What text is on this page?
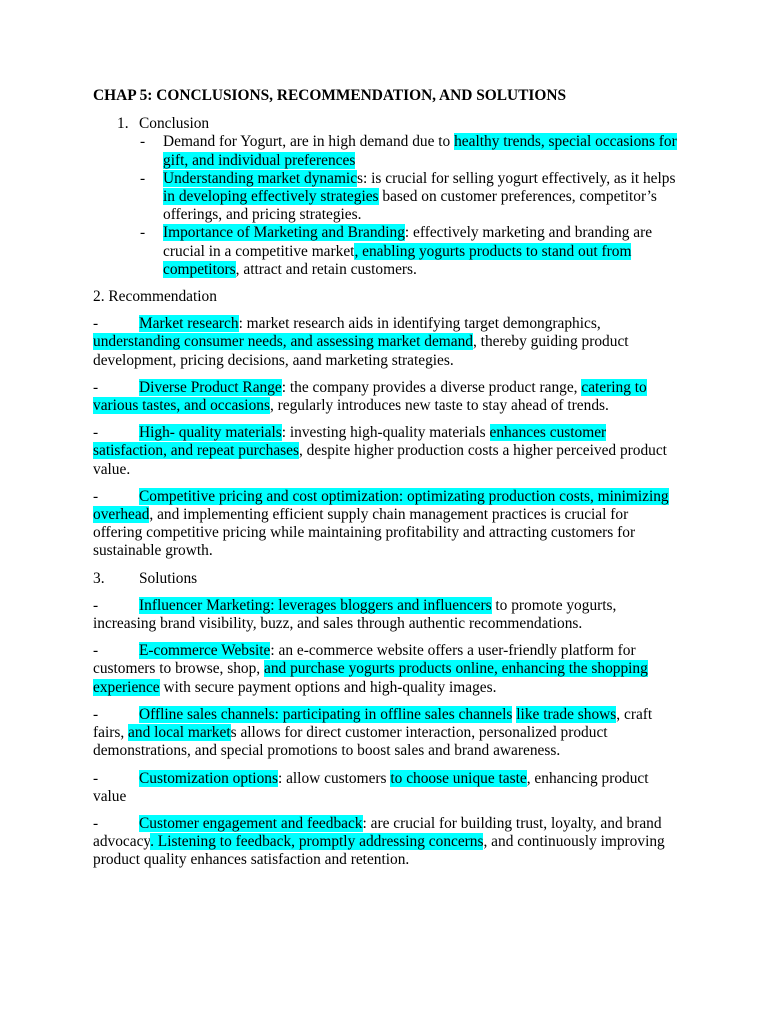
CHAP 5: CONCLUSIONS, RECOMMENDATION, AND SOLUTIONS
1. Conclusion
- Demand for Yogurt, are in high demand due to healthy trends, special occasions for gift, and individual preferences
- Understanding market dynamics: is crucial for selling yogurt effectively, as it helps in developing effectively strategies based on customer preferences, competitor’s offerings, and pricing strategies.
- Importance of Marketing and Branding: effectively marketing and branding are crucial in a competitive market, enabling yogurts products to stand out from competitors, attract and retain customers.
2. Recommendation
-	Market research: market research aids in identifying target demongraphics, understanding consumer needs, and assessing market demand, thereby guiding product development, pricing decisions, aand marketing strategies.
-	Diverse Product Range: the company provides a diverse product range, catering to various tastes, and occasions, regularly introduces new taste to stay ahead of trends.
-	High- quality materials: investing high-quality materials enhances customer satisfaction, and repeat purchases, despite higher production costs a higher perceived product value.
-	Competitive pricing and cost optimization: optimizating production costs, minimizing overhead, and implementing efficient supply chain management practices is crucial for offering competitive pricing while maintaining profitability and attracting customers for sustainable growth.
3. Solutions
-	Influencer Marketing: leverages bloggers and influencers to promote yogurts, increasing brand visibility, buzz, and sales through authentic recommendations.
-	E-commerce Website: an e-commerce website offers a user-friendly platform for customers to browse, shop, and purchase yogurts products online, enhancing the shopping experience with secure payment options and high-quality images.
-	Offline sales channels: participating in offline sales channels like trade shows, craft fairs, and local markets allows for direct customer interaction, personalized product demonstrations, and special promotions to boost sales and brand awareness.
-	Customization options: allow customers to choose unique taste, enhancing product value
-	Customer engagement and feedback: are crucial for building trust, loyalty, and brand advocacy. Listening to feedback, promptly addressing concerns, and continuously improving product quality enhances satisfaction and retention.
